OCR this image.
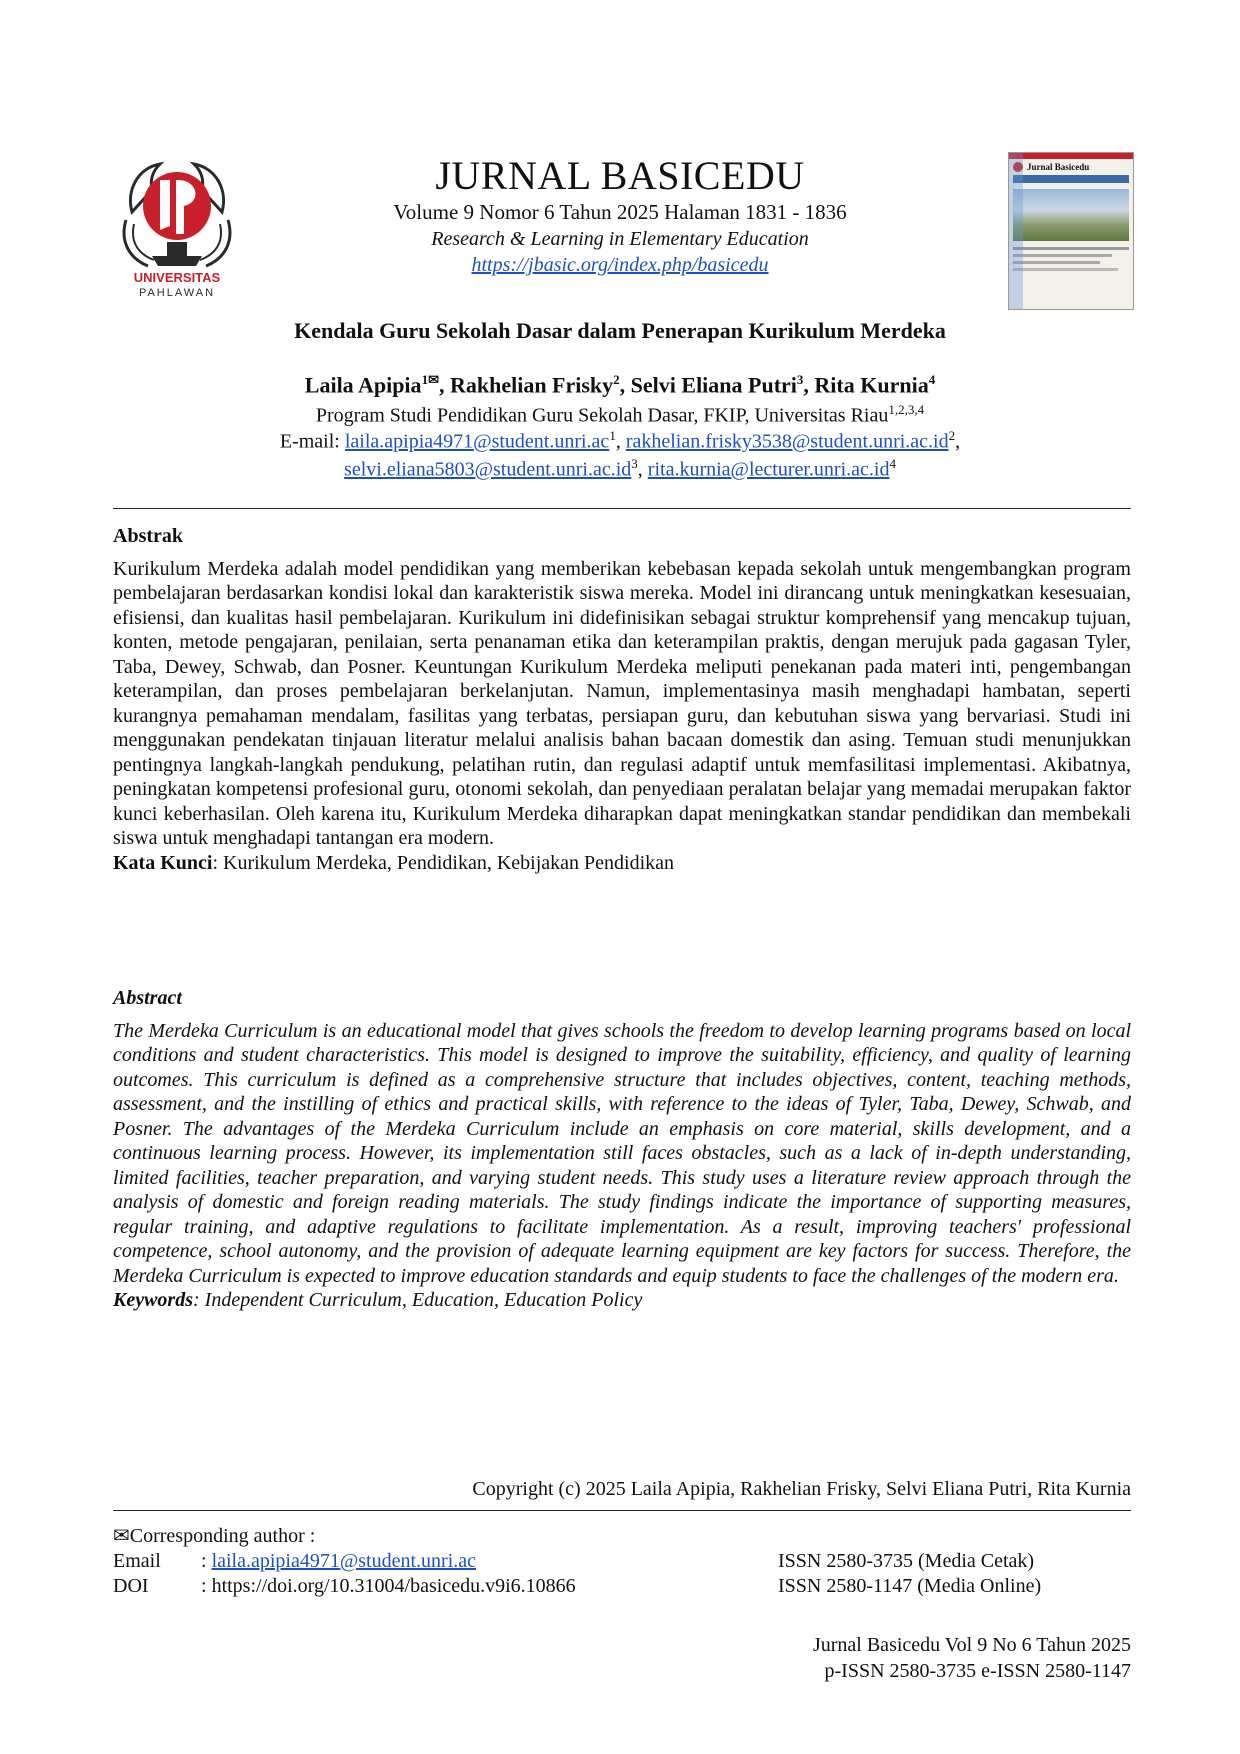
UNIVERSITAS
PAHLAWAN
Jurnal Basicedu
JURNAL BASICEDU
Volume 9 Nomor 6 Tahun 2025 Halaman 1831 - 1836
Research & Learning in Elementary Education
https://jbasic.org/index.php/basicedu
Kendala Guru Sekolah Dasar dalam Penerapan Kurikulum Merdeka
Laila Apipia$^{1✉}$, Rakhelian Frisky$^2$, Selvi Eliana Putri$^3$, Rita Kurnia$^4$
Program Studi Pendidikan Guru Sekolah Dasar, FKIP, Universitas Riau$^{1,2,3,4}$
E-mail: $laila.apipia4971@student.unri.ac^1$, $rakhelian.frisky3538@student.unri.ac.id^2$,
$selvi.eliana5803@student.unri.ac.id^3$, $rita.kurnia@lecturer.unri.ac.id^4$
Abstrak

Kurikulum Merdeka adalah model pendidikan yang memberikan kebebasan kepada sekolah untuk mengembangkan program pembelajaran berdasarkan kondisi lokal dan karakteristik siswa mereka. Model ini dirancang untuk meningkatkan kesesuaian, efisiensi, dan kualitas hasil pembelajaran. Kurikulum ini didefinisikan sebagai struktur komprehensif yang mencakup tujuan, konten, metode pengajaran, penilaian, serta penanaman etika dan keterampilan praktis, dengan merujuk pada gagasan Tyler, Taba, Dewey, Schwab, dan Posner. Keuntungan Kurikulum Merdeka meliputi penekanan pada materi inti, pengembangan keterampilan, dan proses pembelajaran berkelanjutan. Namun, implementasinya masih menghadapi hambatan, seperti kurangnya pemahaman mendalam, fasilitas yang terbatas, persiapan guru, dan kebutuhan siswa yang bervariasi. Studi ini menggunakan pendekatan tinjauan literatur melalui analisis bahan bacaan domestik dan asing. Temuan studi menunjukkan pentingnya langkah-langkah pendukung, pelatihan rutin, dan regulasi adaptif untuk memfasilitasi implementasi. Akibatnya, peningkatan kompetensi profesional guru, otonomi sekolah, dan penyediaan peralatan belajar yang memadai merupakan faktor kunci keberhasilan. Oleh karena itu, Kurikulum Merdeka diharapkan dapat meningkatkan standar pendidikan dan membekali siswa untuk menghadapi tantangan era modern.

Kata Kunci: Kurikulum Merdeka, Pendidikan, Kebijakan Pendidikan

Abstract

The Merdeka Curriculum is an educational model that gives schools the freedom to develop learning programs based on local conditions and student characteristics. This model is designed to improve the suitability, efficiency, and quality of learning outcomes. This curriculum is defined as a comprehensive structure that includes objectives, content, teaching methods, assessment, and the instilling of ethics and practical skills, with reference to the ideas of Tyler, Taba, Dewey, Schwab, and Posner. The advantages of the Merdeka Curriculum include an emphasis on core material, skills development, and a continuous learning process. However, its implementation still faces obstacles, such as a lack of in-depth understanding, limited facilities, teacher preparation, and varying student needs. This study uses a literature review approach through the analysis of domestic and foreign reading materials. The study findings indicate the importance of supporting measures, regular training, and adaptive regulations to facilitate implementation. As a result, improving teachers' professional competence, school autonomy, and the provision of adequate learning equipment are key factors for success. Therefore, the Merdeka Curriculum is expected to improve education standards and equip students to face the challenges of the modern era.

Keywords: Independent Curriculum, Education, Education Policy

Copyright (c) 2025 Laila Apipia, Rakhelian Frisky, Selvi Eliana Putri, Rita Kurnia
✉Corresponding author :
Email	: laila.apipia4971@student.unri.ac	ISSN 2580-3735 (Media Cetak)
DOI	: https://doi.org/10.31004/basicedu.v9i6.10866	ISSN 2580-1147 (Media Online)
Jurnal Basicedu Vol 9 No 6 Tahun 2025
p-ISSN 2580-3735 e-ISSN 2580-1147
